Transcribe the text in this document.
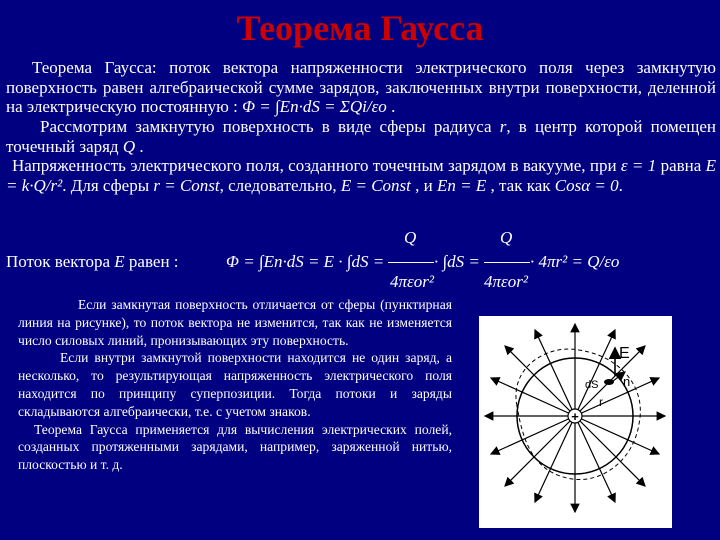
Теорема Гаусса

Теорема Гаусса: поток вектора напряженности электрического поля через замкнутую поверхность равен алгебраической сумме зарядов, заключенных внутри поверхности, деленной на электрическую постоянную : Φ = ∫En·dS = ΣQi/εo .

Рассмотрим замкнутую поверхность в виде сферы радиуса r, в центр которой помещен точечный заряд Q .

Напряженность электрического поля, созданного точечным зарядом в вакууме, при ε = 1 равна E = k·Q/r². Для сферы r = Const, следовательно, E = Const , и En = E , так как Cosα = 0.

Поток вектора E равен :	Φ = ∫En·dS = E · ∫dS =
Q
4πεor²
· ∫dS =
Q
4πεor²
· 4πr² = Q/εo

Если замкнутая поверхность отличается от сферы (пунктирная линия на рисунке), то поток вектора не изменится, так как не изменяется число силовых линий, пронизывающих эту поверхность.

Если внутри замкнутой поверхности находится не один заряд, а несколько, то результирующая напряженность электрического поля находится по принципу суперпозиции. Тогда потоки и заряды складываются алгебраически, т.е. с учетом знаков.

Теорема Гаусса применяется для вычисления электрических полей, созданных протяженными зарядами, например, заряженной нитью, плоскостью и т. д.

E
n
dS
r
+
